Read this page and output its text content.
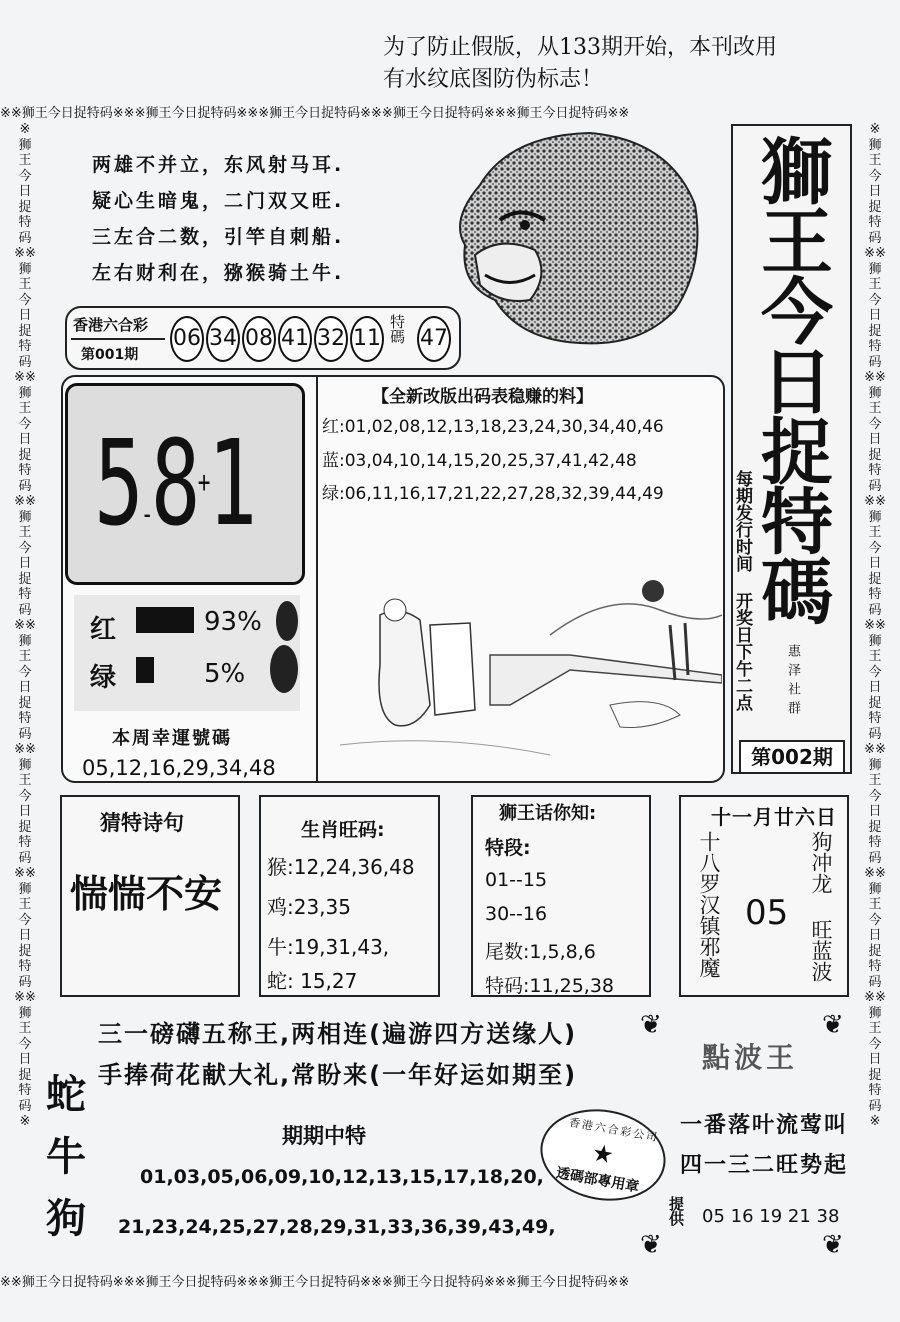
※※狮王今日捉特码※※※狮王今日捉特码※※※狮王今日捉特码※※※狮王今日捉特码※※※狮王今日捉特码※※
※※狮王今日捉特码※※※狮王今日捉特码※※※狮王今日捉特码※※※狮王今日捉特码※※※狮王今日捉特码※※
※狮王今日捉特码※※狮王今日捉特码※※狮王今日捉特码※※狮王今日捉特码※※狮王今日捉特码※※狮王今日捉特码※※狮王今日捉特码※※狮王今日捉特码※
※狮王今日捉特码※※狮王今日捉特码※※狮王今日捉特码※※狮王今日捉特码※※狮王今日捉特码※※狮王今日捉特码※※狮王今日捉特码※※狮王今日捉特码※
为了防止假版，从133期开始，本刊改用
有水纹底图防伪标志！
两雄不并立，东风射马耳.
疑心生暗鬼，二门双又旺.
三左合二数，引竿自刺船.
左右财利在，猕猴骑土牛.	獅王今日捉特碼
每期发行时间 开奖日下午二点	惠泽社群
第002期
香港六合彩
第001期
06 34 08 41 32 11 特碼 47
5-8+1
红	93%
绿	5%
本周幸運號碼
05,12,16,29,34,48
【全新改版出码表稳赚的料】
红:01,02,08,12,13,18,23,24,30,34,40,46
蓝:03,04,10,14,15,20,25,37,41,42,48
绿:06,11,16,17,21,22,27,28,32,39,44,49
猜特诗句
惴惴不安
生肖旺码:
猴:12,24,36,48
鸡:23,35
牛:19,31,43,
蛇: 15,27
狮王话你知:
特段:
01--15
30--16
尾数:1,5,8,6
特码:11,25,38
十一月廿六日
十八罗汉镇邪魔 05
狗冲龙
旺蓝波
三一磅礴五称王,两相连(遍游四方送缘人)
手捧荷花献大礼,常盼来(一年好运如期至)
蛇
牛
狗
期期中特
01,03,05,06,09,10,12,13,15,17,18,20,
21,23,24,25,27,28,29,31,33,36,39,43,49,
香港六合彩公司
★
透碼部專用章
❦	❦
❦	❦
點波王
一番落叶流莺叫
四一三二旺势起
提供 05 16 19 21 38
